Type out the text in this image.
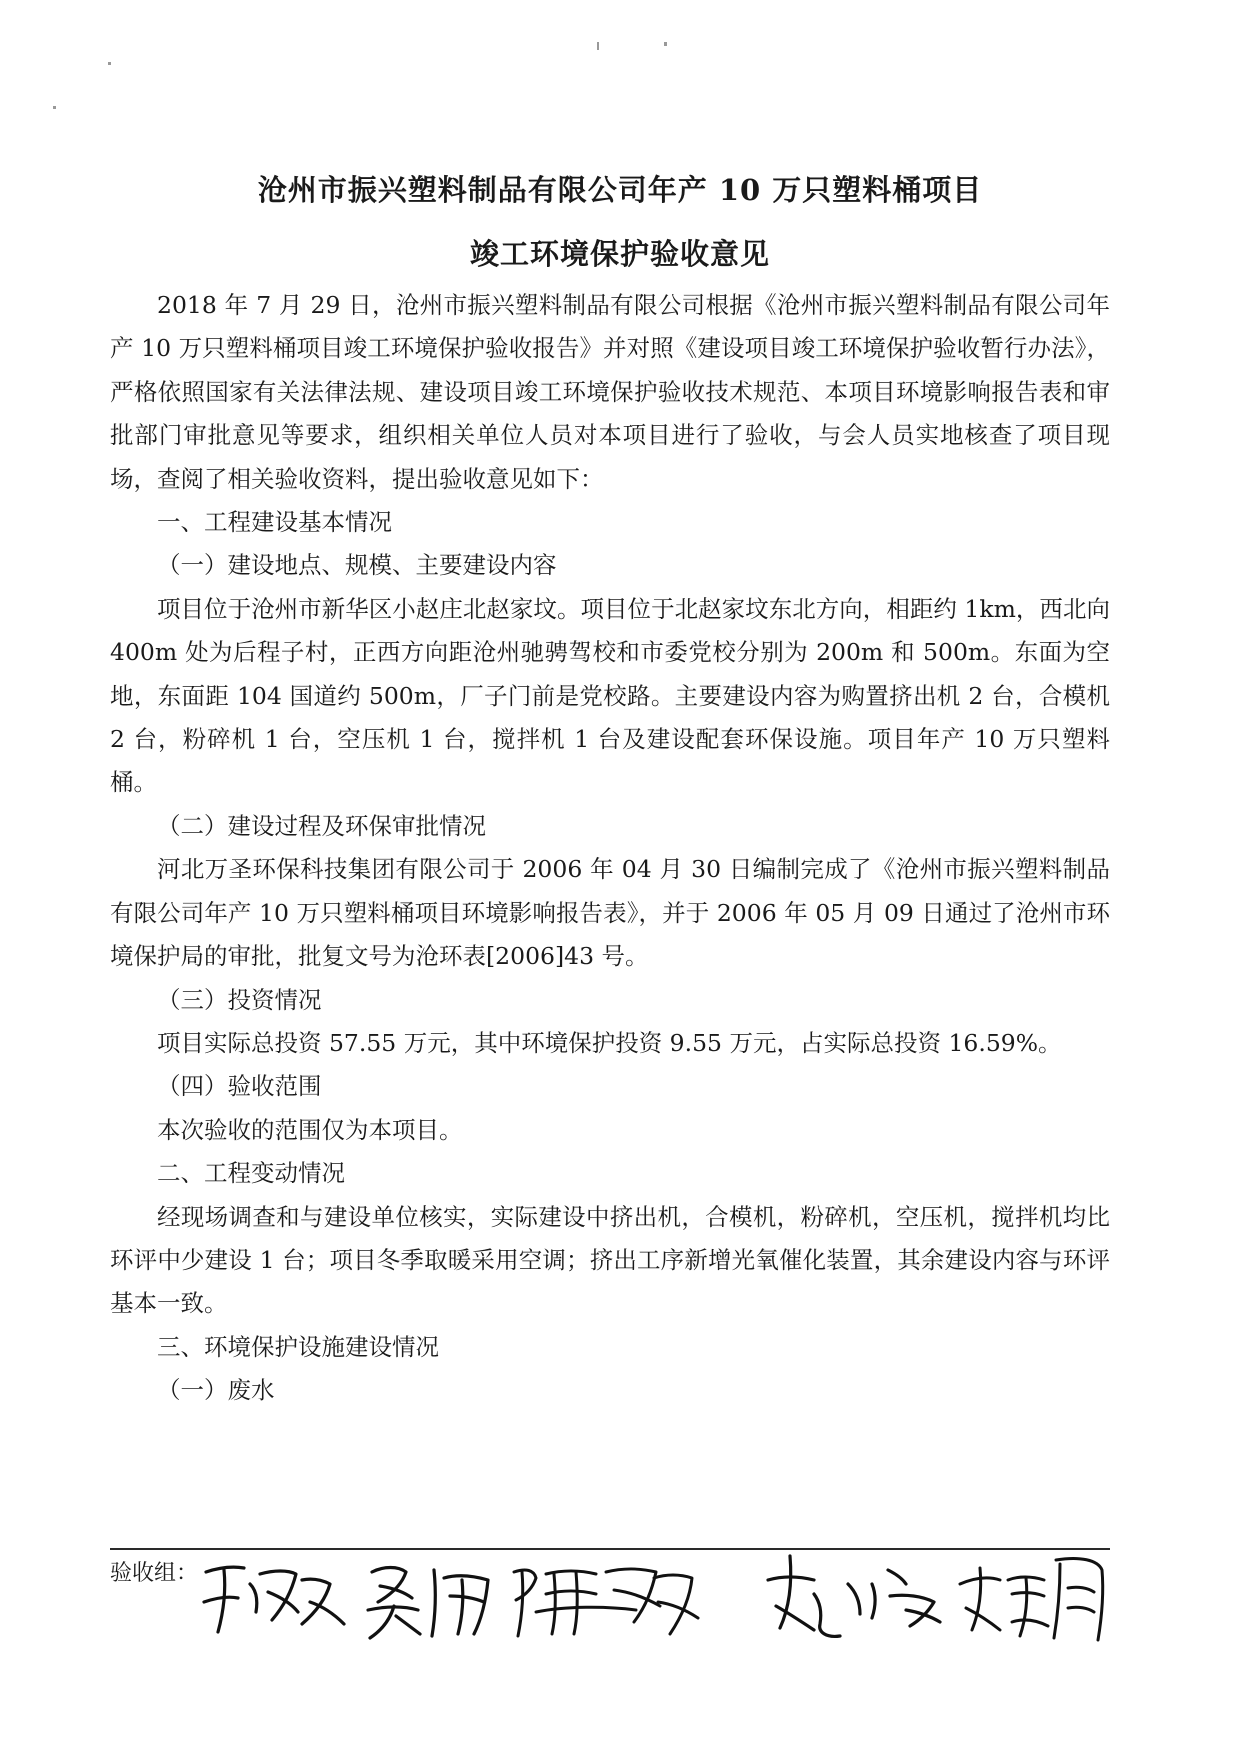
沧州市振兴塑料制品有限公司年产 10 万只塑料桶项目
竣工环境保护验收意见

2018 年 7 月 29 日，沧州市振兴塑料制品有限公司根据《沧州市振兴塑料制品有限公司年产 10 万只塑料桶项目竣工环境保护验收报告》并对照《建设项目竣工环境保护验收暂行办法》，严格依照国家有关法律法规、建设项目竣工环境保护验收技术规范、本项目环境影响报告表和审批部门审批意见等要求，组织相关单位人员对本项目进行了验收，与会人员实地核查了项目现场，查阅了相关验收资料，提出验收意见如下：

一、工程建设基本情况

（一）建设地点、规模、主要建设内容

项目位于沧州市新华区小赵庄北赵家坟。项目位于北赵家坟东北方向，相距约 1km，西北向 400m 处为后程子村，正西方向距沧州驰骋驾校和市委党校分别为 200m 和 500m。东面为空地，东面距 104 国道约 500m，厂子门前是党校路。主要建设内容为购置挤出机 2 台，合模机 2 台，粉碎机 1 台，空压机 1 台，搅拌机 1 台及建设配套环保设施。项目年产 10 万只塑料桶。

（二）建设过程及环保审批情况

河北万圣环保科技集团有限公司于 2006 年 04 月 30 日编制完成了《沧州市振兴塑料制品有限公司年产 10 万只塑料桶项目环境影响报告表》，并于 2006 年 05 月 09 日通过了沧州市环境保护局的审批，批复文号为沧环表[2006]43 号。

（三）投资情况

项目实际总投资 57.55 万元，其中环境保护投资 9.55 万元，占实际总投资 16.59%。

（四）验收范围

本次验收的范围仅为本项目。

二、工程变动情况

经现场调查和与建设单位核实，实际建设中挤出机，合模机，粉碎机，空压机，搅拌机均比环评中少建设 1 台；项目冬季取暖采用空调；挤出工序新增光氧催化装置，其余建设内容与环评基本一致。

三、环境保护设施建设情况

（一）废水

验收组：
